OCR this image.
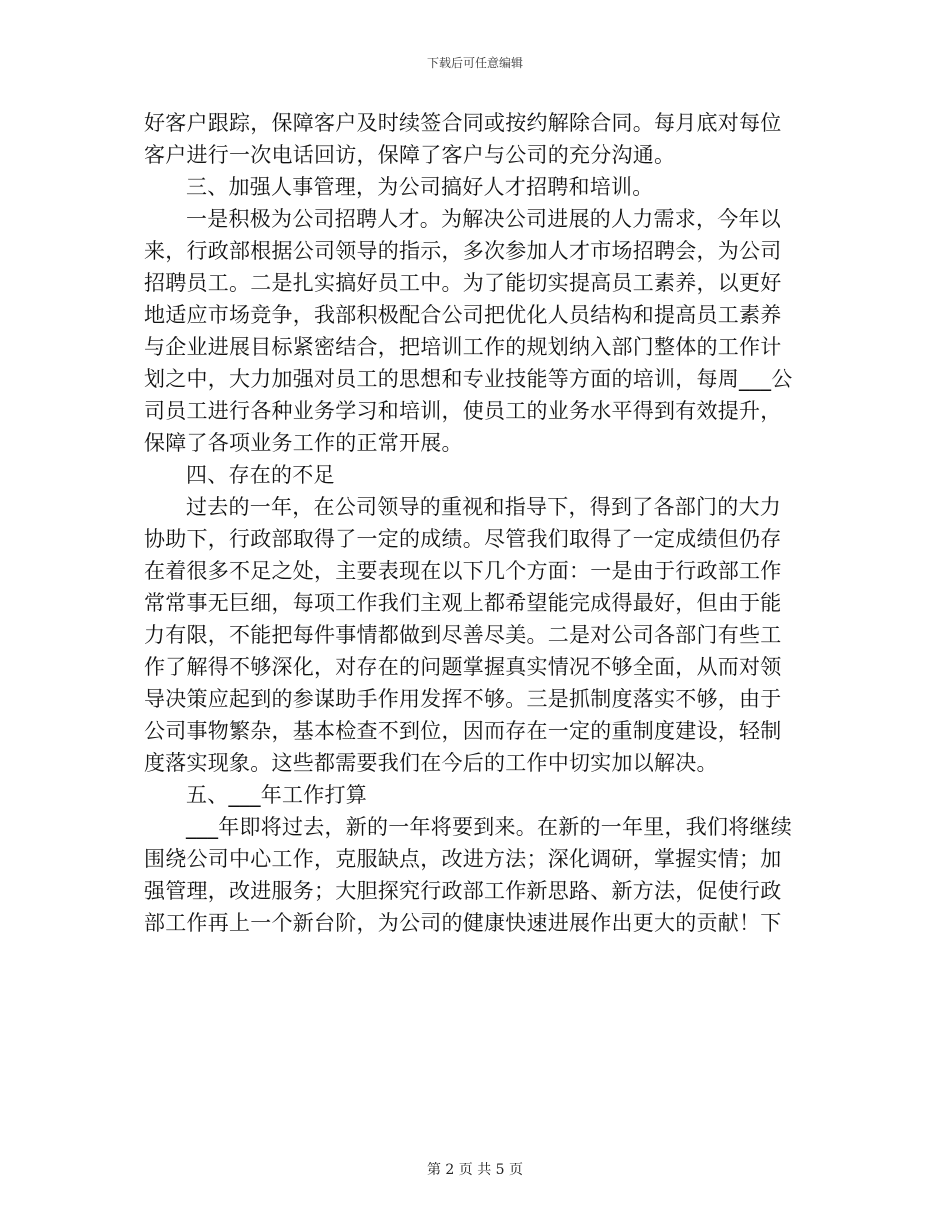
下载后可任意编辑
好客户跟踪，保障客户及时续签合同或按约解除合同。每月底对每位
客户进行一次电话回访，保障了客户与公司的充分沟通。
三、加强人事管理，为公司搞好人才招聘和培训。
一是积极为公司招聘人才。为解决公司进展的人力需求，今年以
来，行政部根据公司领导的指示，多次参加人才市场招聘会，为公司
招聘员工。二是扎实搞好员工中。为了能切实提高员工素养，以更好
地适应市场竞争，我部积极配合公司把优化人员结构和提高员工素养
与企业进展目标紧密结合，把培训工作的规划纳入部门整体的工作计
划之中，大力加强对员工的思想和专业技能等方面的培训，每周___公
司员工进行各种业务学习和培训，使员工的业务水平得到有效提升，
保障了各项业务工作的正常开展。
四、存在的不足
过去的一年，在公司领导的重视和指导下，得到了各部门的大力
协助下，行政部取得了一定的成绩。尽管我们取得了一定成绩但仍存
在着很多不足之处，主要表现在以下几个方面：一是由于行政部工作
常常事无巨细，每项工作我们主观上都希望能完成得最好，但由于能
力有限，不能把每件事情都做到尽善尽美。二是对公司各部门有些工
作了解得不够深化，对存在的问题掌握真实情况不够全面，从而对领
导决策应起到的参谋助手作用发挥不够。三是抓制度落实不够，由于
公司事物繁杂，基本检查不到位，因而存在一定的重制度建设，轻制
度落实现象。这些都需要我们在今后的工作中切实加以解决。
五、___年工作打算
___年即将过去，新的一年将要到来。在新的一年里，我们将继续
围绕公司中心工作，克服缺点，改进方法；深化调研，掌握实情；加
强管理，改进服务；大胆探究行政部工作新思路、新方法，促使行政
部工作再上一个新台阶，为公司的健康快速进展作出更大的贡献！下
第 2 页 共 5 页
